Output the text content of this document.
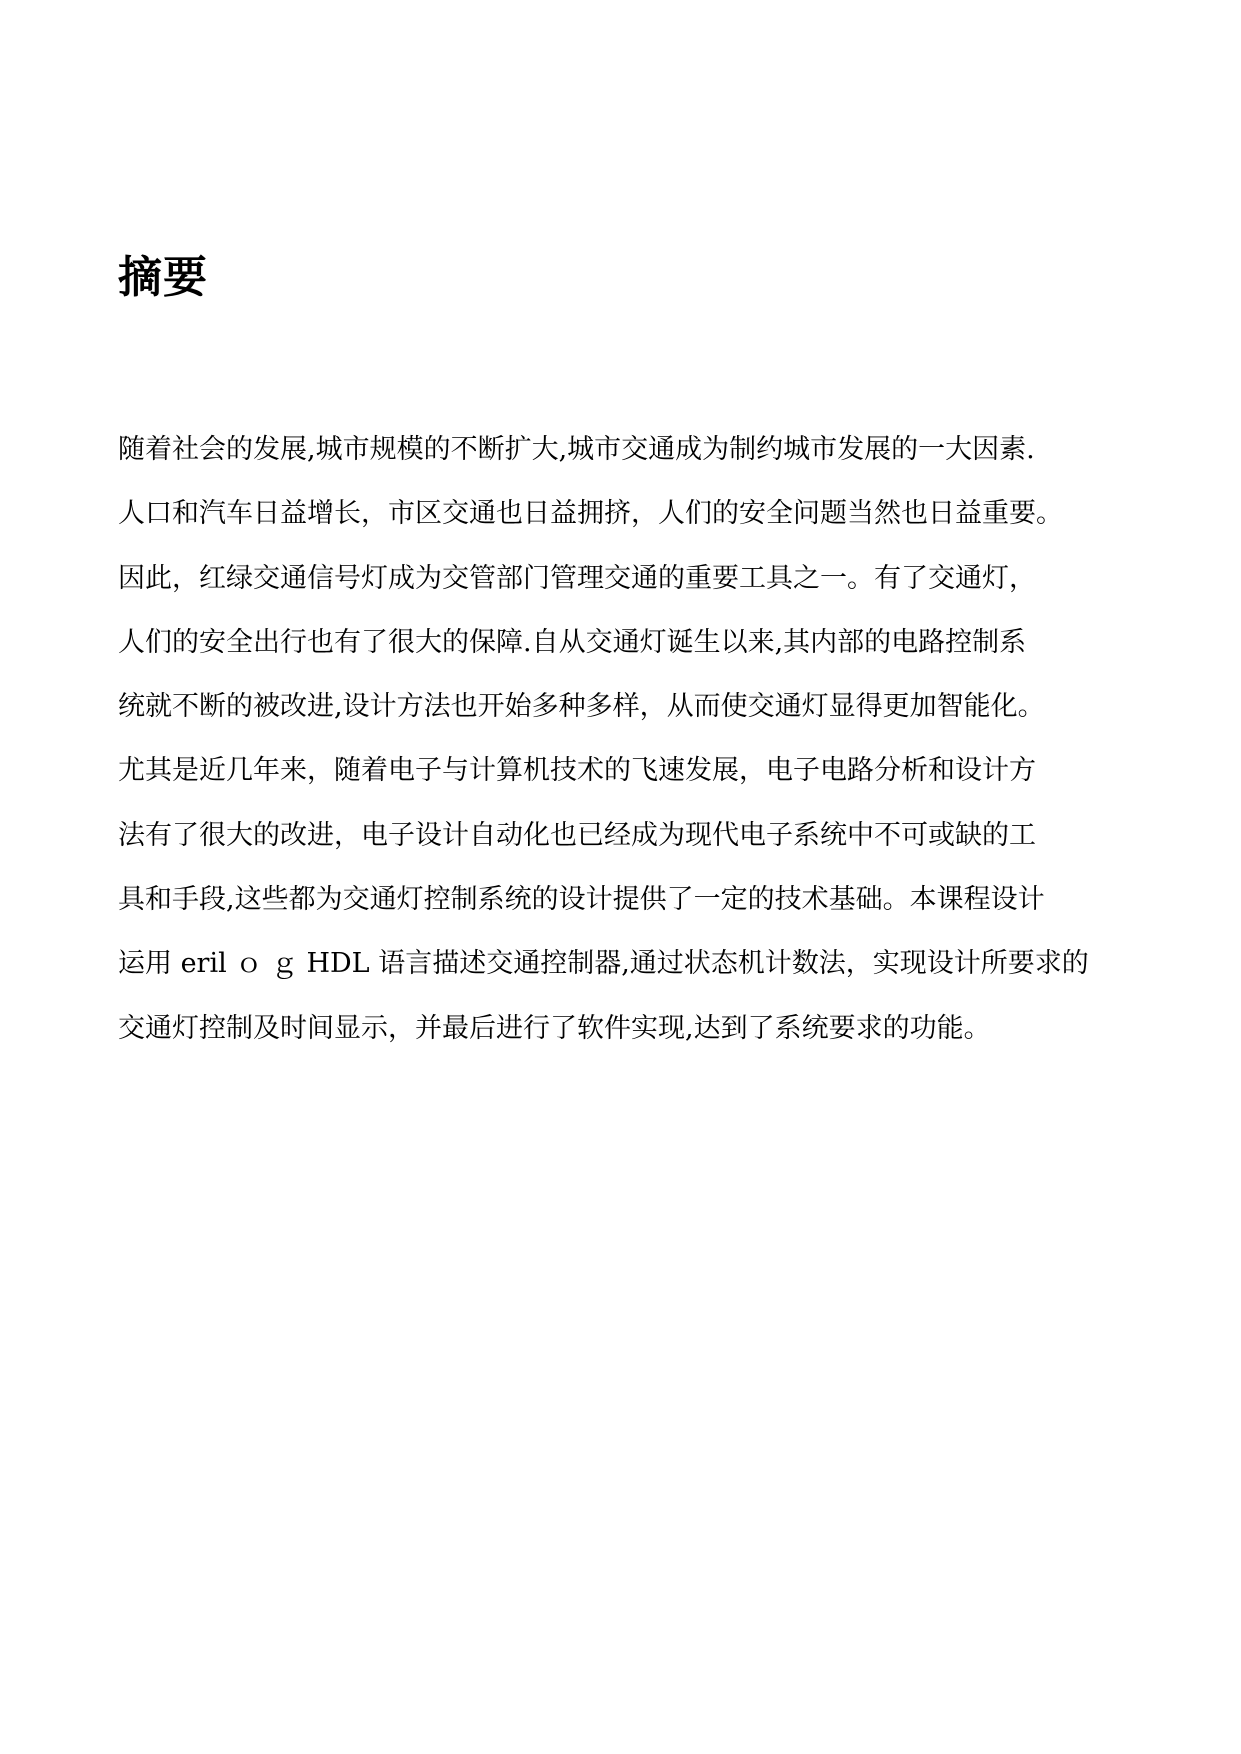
摘要
随着社会的发展,城市规模的不断扩大,城市交通成为制约城市发展的一大因素.
人口和汽车日益增长，市区交通也日益拥挤，人们的安全问题当然也日益重要。
因此，红绿交通信号灯成为交管部门管理交通的重要工具之一。有了交通灯，
人们的安全出行也有了很大的保障.自从交通灯诞生以来,其内部的电路控制系
统就不断的被改进,设计方法也开始多种多样，从而使交通灯显得更加智能化。
尤其是近几年来，随着电子与计算机技术的飞速发展，电子电路分析和设计方
法有了很大的改进，电子设计自动化也已经成为现代电子系统中不可或缺的工
具和手段,这些都为交通灯控制系统的设计提供了一定的技术基础。本课程设计
运用 eril ｏ ｇ HDL 语言描述交通控制器,通过状态机计数法，实现设计所要求的
交通灯控制及时间显示，并最后进行了软件实现,达到了系统要求的功能。
